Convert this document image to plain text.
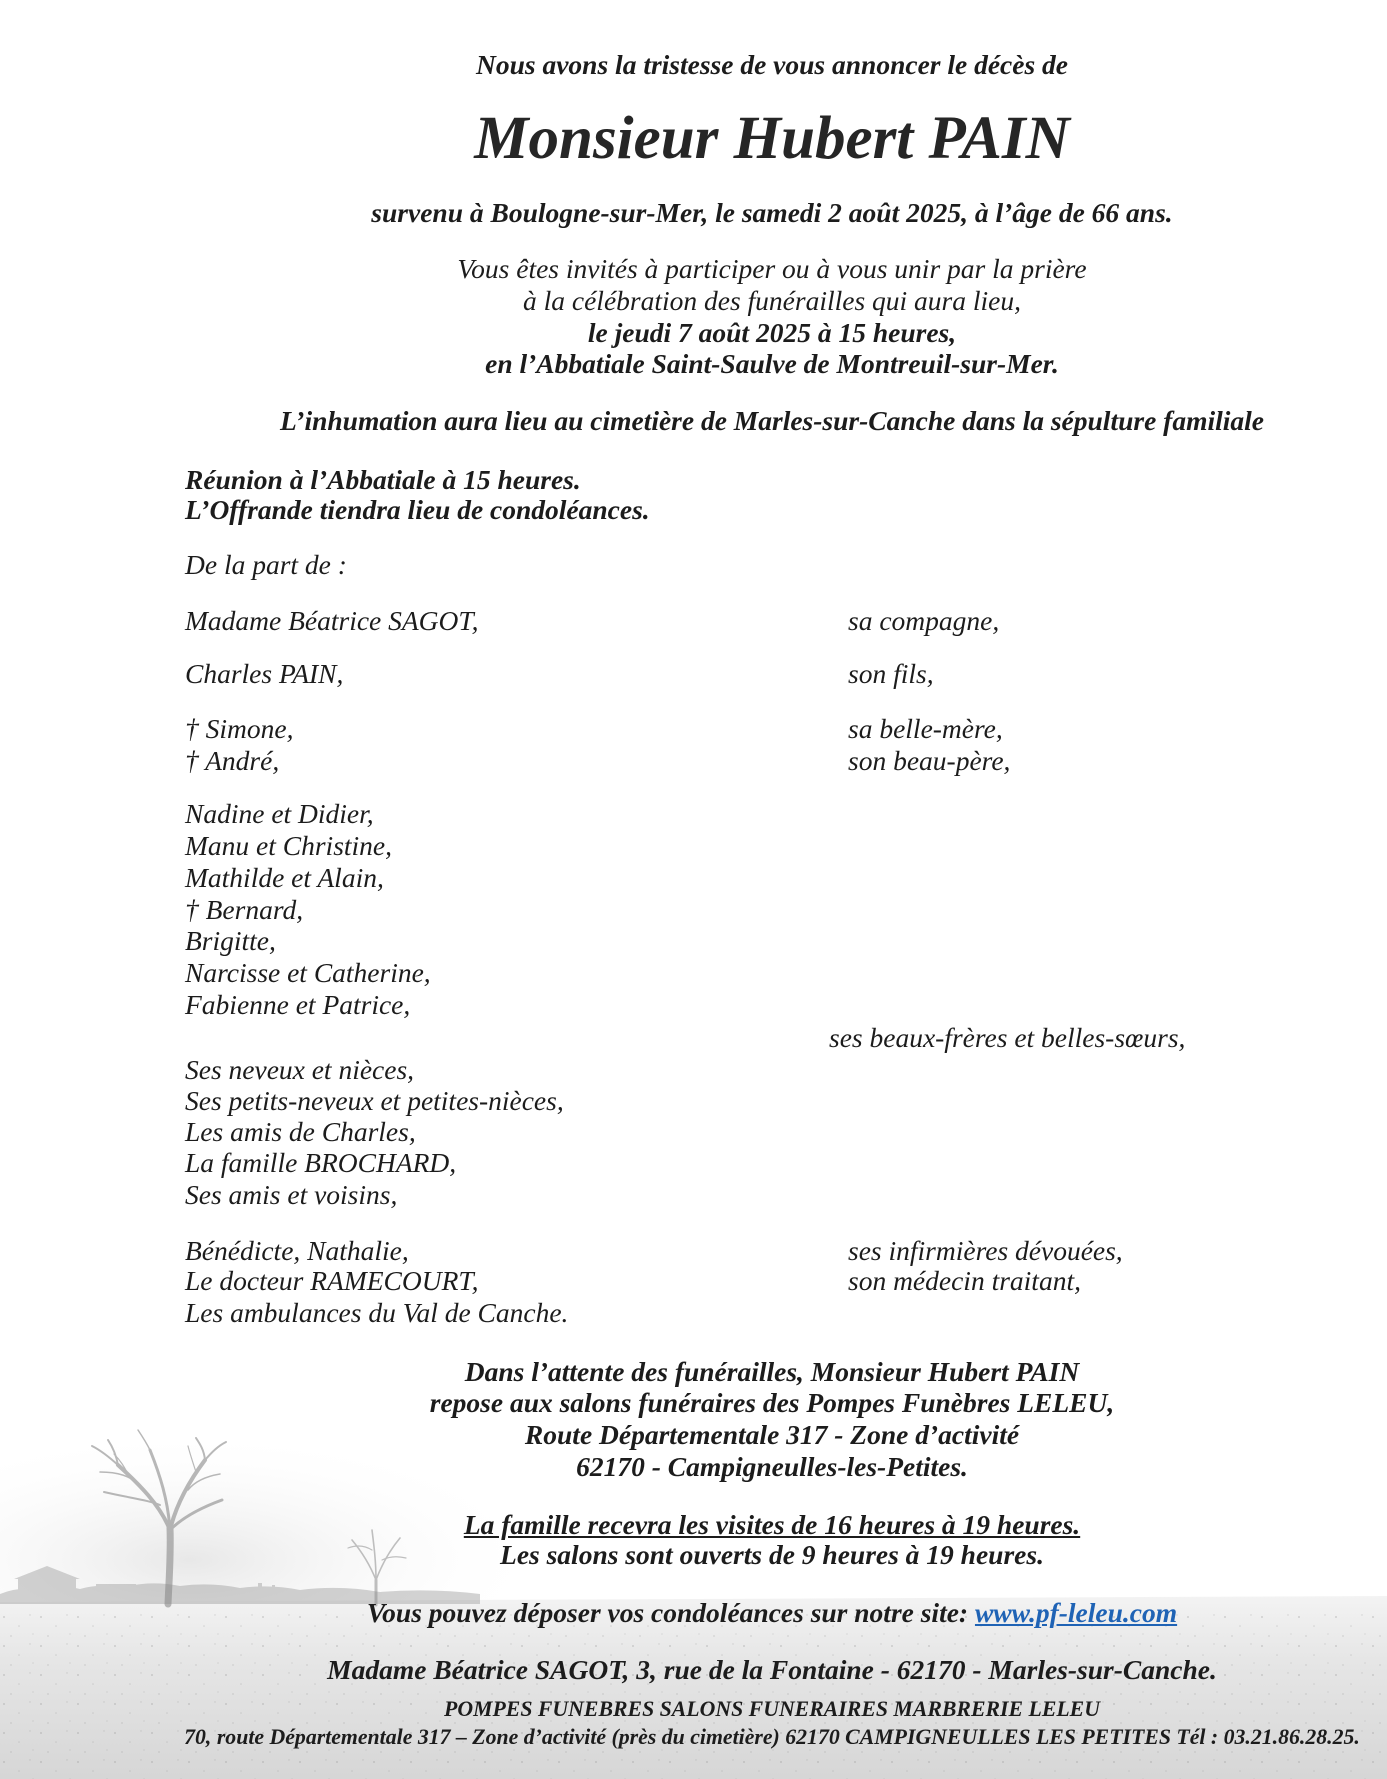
Nous avons la tristesse de vous annoncer le décès de
Monsieur Hubert PAIN
survenu à Boulogne-sur-Mer, le samedi 2 août 2025, à l’âge de 66 ans.
Vous êtes invités à participer ou à vous unir par la prière
à la célébration des funérailles qui aura lieu,
le jeudi 7 août 2025 à 15 heures,
en l’Abbatiale Saint-Saulve de Montreuil-sur-Mer.
L’inhumation aura lieu au cimetière de Marles-sur-Canche dans la sépulture familiale
Réunion à l’Abbatiale à 15 heures.
L’Offrande tiendra lieu de condoléances.
De la part de :
Madame Béatrice SAGOT,	sa compagne,
Charles PAIN,	son fils,
† Simone,	sa belle-mère,
† André,	son beau-père,
Nadine et Didier,
Manu et Christine,
Mathilde et Alain,
† Bernard,
Brigitte,
Narcisse et Catherine,
Fabienne et Patrice,
ses beaux-frères et belles-sœurs,
Ses neveux et nièces,
Ses petits-neveux et petites-nièces,
Les amis de Charles,
La famille BROCHARD,
Ses amis et voisins,
Bénédicte, Nathalie,	ses infirmières dévouées,
Le docteur RAMECOURT,	son médecin traitant,
Les ambulances du Val de Canche.
Dans l’attente des funérailles, Monsieur Hubert PAIN
repose aux salons funéraires des Pompes Funèbres LELEU,
Route Départementale 317 - Zone d’activité
62170 - Campigneulles-les-Petites.
La famille recevra les visites de 16 heures à 19 heures.
Les salons sont ouverts de 9 heures à 19 heures.
Vous pouvez déposer vos condoléances sur notre site: www.pf-leleu.com
Madame Béatrice SAGOT, 3, rue de la Fontaine - 62170 - Marles-sur-Canche.
POMPES FUNEBRES SALONS FUNERAIRES MARBRERIE LELEU
70, route Départementale 317 – Zone d’activité (près du cimetière) 62170 CAMPIGNEULLES LES PETITES Tél : 03.21.86.28.25.
